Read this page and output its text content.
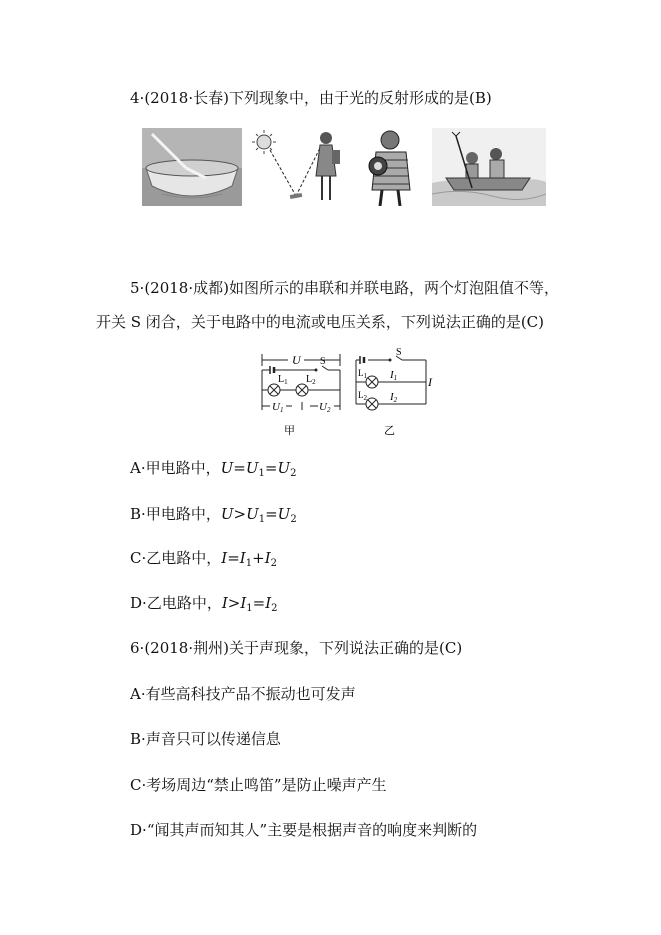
4·(2018·长春)下列现象中，由于光的反射形成的是(B)
5·(2018·成都)如图所示的串联和并联电路，两个灯泡阻值不等，
开关 S 闭合，关于电路中的电流或电压关系，下列说法正确的是(C)
U S
$L_1$ $L_2$
U1	U2
甲
S
I
$L_1$
$L_2$
I1
I2
乙
A·甲电路中，$U=U_1=U_2$
B·甲电路中，$U>U_1=U_2$
C·乙电路中，$I=I_1+I_2$
D·乙电路中，$I>I_1=I_2$
6·(2018·荆州)关于声现象，下列说法正确的是(C)
A·有些高科技产品不振动也可发声
B·声音只可以传递信息
C·考场周边“禁止鸣笛”是防止噪声产生
D·“闻其声而知其人”主要是根据声音的响度来判断的
